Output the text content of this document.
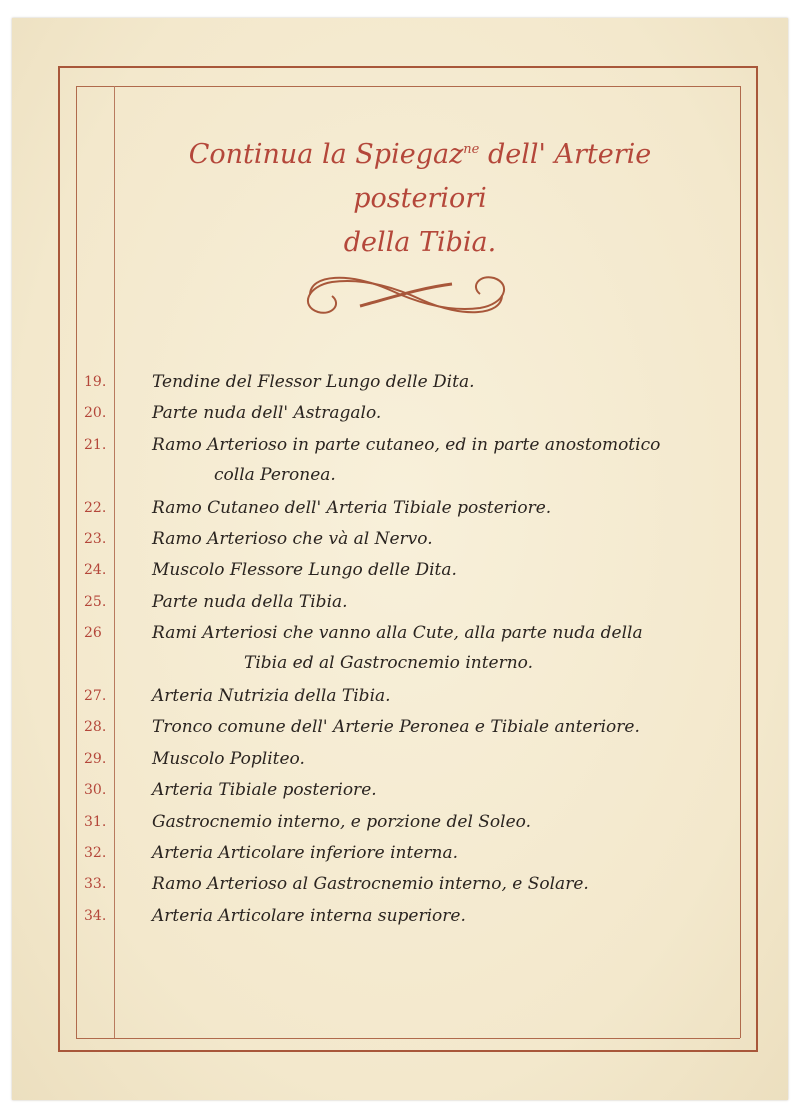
Continua la Spiegaz$^{ne}$ dell' Arterie posteriori
della Tibia.
19.	Tendine del Flessor Lungo delle Dita.
20.	Parte nuda dell' Astragalo.
21.	Ramo Arterioso in parte cutaneo, ed in parte anostomotico
colla Peronea.
22.	Ramo Cutaneo dell' Arteria Tibiale posteriore.
23.	Ramo Arterioso che và al Nervo.
24.	Muscolo Flessore Lungo delle Dita.
25.	Parte nuda della Tibia.
26	Rami Arteriosi che vanno alla Cute, alla parte nuda della
Tibia ed al Gastrocnemio interno.
27.	Arteria Nutrizia della Tibia.
28.	Tronco comune dell' Arterie Peronea e Tibiale anteriore.
29.	Muscolo Popliteo.
30.	Arteria Tibiale posteriore.
31.	Gastrocnemio interno, e porzione del Soleo.
32.	Arteria Articolare inferiore interna.
33.	Ramo Arterioso al Gastrocnemio interno, e Solare.
34.	Arteria Articolare interna superiore.
